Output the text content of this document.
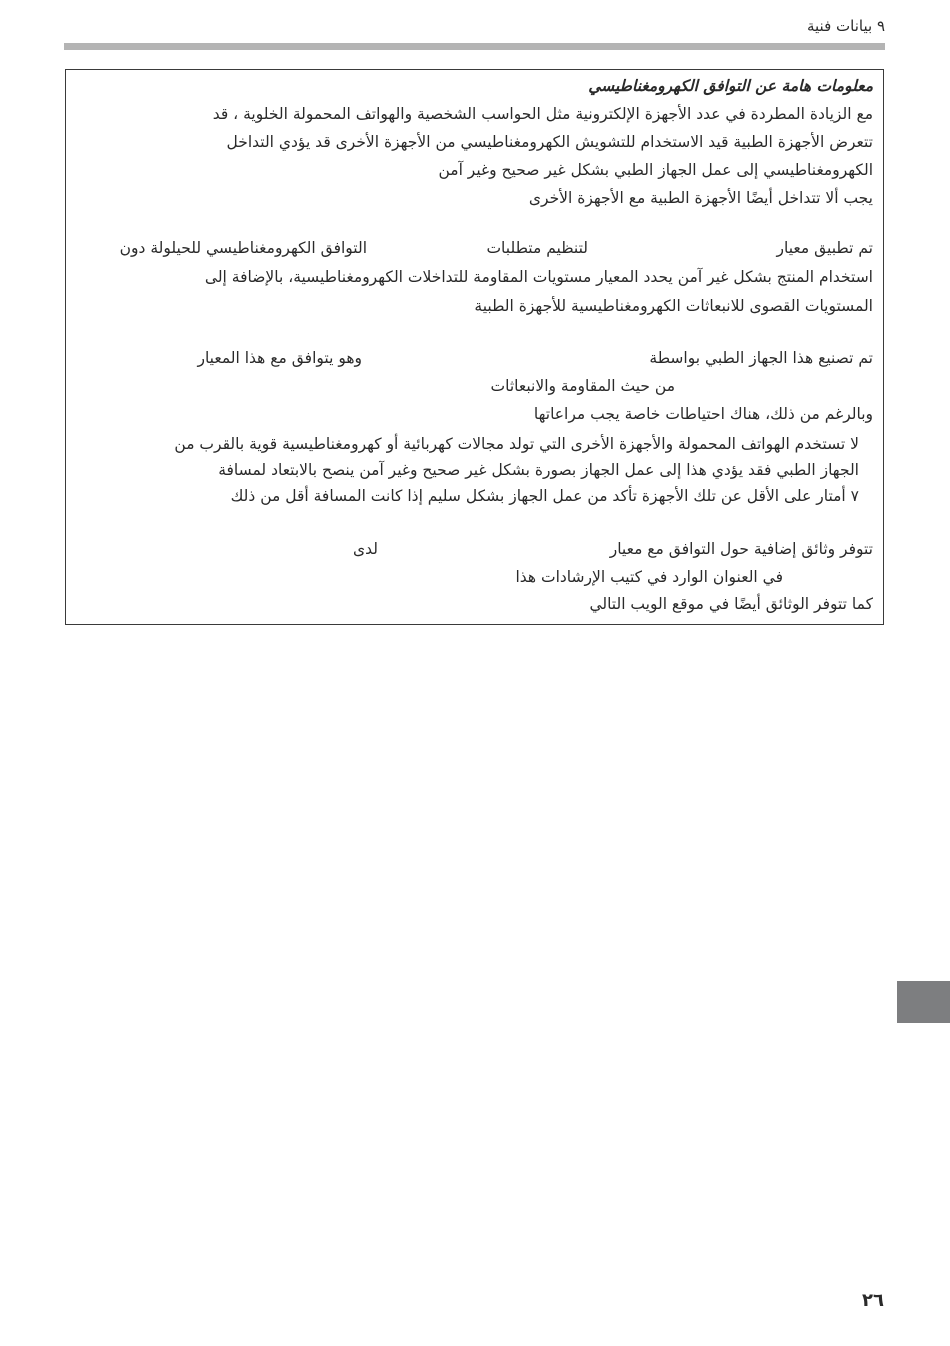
٩ بيانات فنية
معلومات هامة عن التوافق الكهرومغناطيسي
مع الزيادة المطردة في عدد الأجهزة الإلكترونية مثل الحواسب الشخصية والهواتف المحمولة الخلوية ، قد
تتعرض الأجهزة الطبية قيد الاستخدام للتشويش الكهرومغناطيسي من الأجهزة الأخرى قد يؤدي التداخل
الكهرومغناطيسي إلى عمل الجهاز الطبي بشكل غير صحيح وغير آمن
يجب ألا تتداخل أيضًا الأجهزة الطبية مع الأجهزة الأخرى
تم تطبيق معيار
لتنظيم متطلبات
التوافق الكهرومغناطيسي للحيلولة دون
استخدام المنتج بشكل غير آمن يحدد المعيار مستويات المقاومة للتداخلات الكهرومغناطيسية، بالإضافة إلى
المستويات القصوى للانبعاثات الكهرومغناطيسية للأجهزة الطبية
تم تصنيع هذا الجهاز الطبي بواسطة
وهو يتوافق مع هذا المعيار
من حيث المقاومة والانبعاثات
وبالرغم من ذلك، هناك احتياطات خاصة يجب مراعاتها
لا تستخدم الهواتف المحمولة والأجهزة الأخرى التي تولد مجالات كهربائية أو كهرومغناطيسية قوية بالقرب من
الجهاز الطبي فقد يؤدي هذا إلى عمل الجهاز بصورة بشكل غير صحيح وغير آمن ينصح بالابتعاد لمسافة
٧ أمتار على الأقل عن تلك الأجهزة تأكد من عمل الجهاز بشكل سليم إذا كانت المسافة أقل من ذلك
تتوفر وثائق إضافية حول التوافق مع معيار
لدى
في العنوان الوارد في كتيب الإرشادات هذا
كما تتوفر الوثائق أيضًا في موقع الويب التالي
٢٦
